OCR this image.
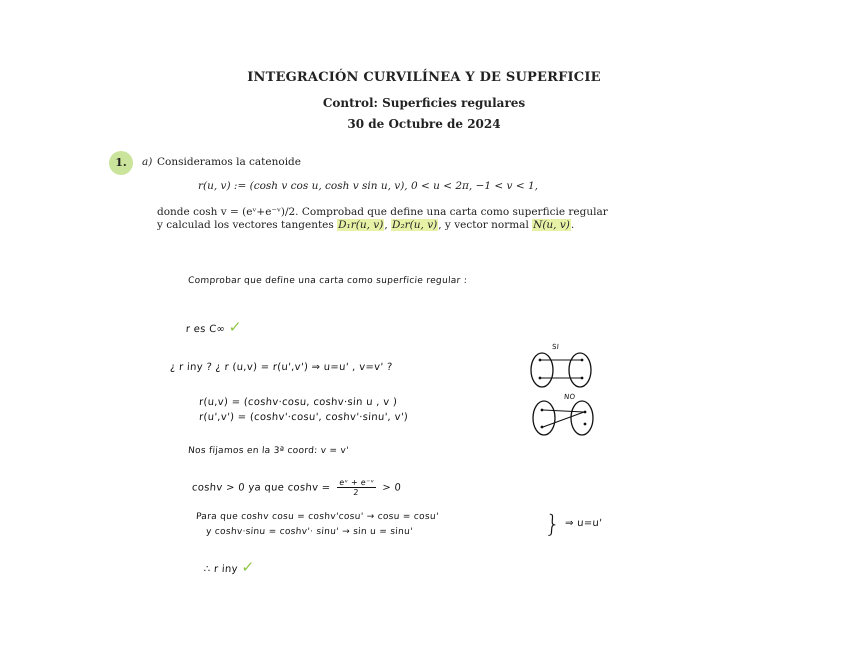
INTEGRACIÓN CURVILÍNEA Y DE SUPERFICIE
Control: Superficies regulares
30 de Octubre de 2024
1.	a) Consideramos la catenoide
r(u, v) := (cosh v cos u, cosh v sin u, v), 0 < u < 2π, −1 < v < 1,
donde cosh v = (eᵛ+e⁻ᵛ)/2. Comprobad que define una carta como superficie regular
y calculad los vectores tangentes D₁r(u, v), D₂r(u, v), y vector normal N(u, v).
Comprobar que define una carta como superficie regular :
r es C∞ ✓
¿ r iny ? ¿ r (u,v) = r(u',v') ⇒ u=u' , v=v' ?
SI
NO
r(u,v) = (coshv·cosu, coshv·sin u , v )
r(u',v') = (coshv'·cosu', coshv'·sinu', v')
Nos fijamos en la 3ª coord: v = v'
coshv > 0 ya que $\cosh v = \frac{\text{eᵛ + e⁻ᵛ}}{2} > 0$
Para que coshv cosu = coshv'cosu' → cosu = cosu'
y coshv·sinu = coshv'· sinu' → sin u = sinu'	} ⇒ u=u'
∴ r iny ✓
